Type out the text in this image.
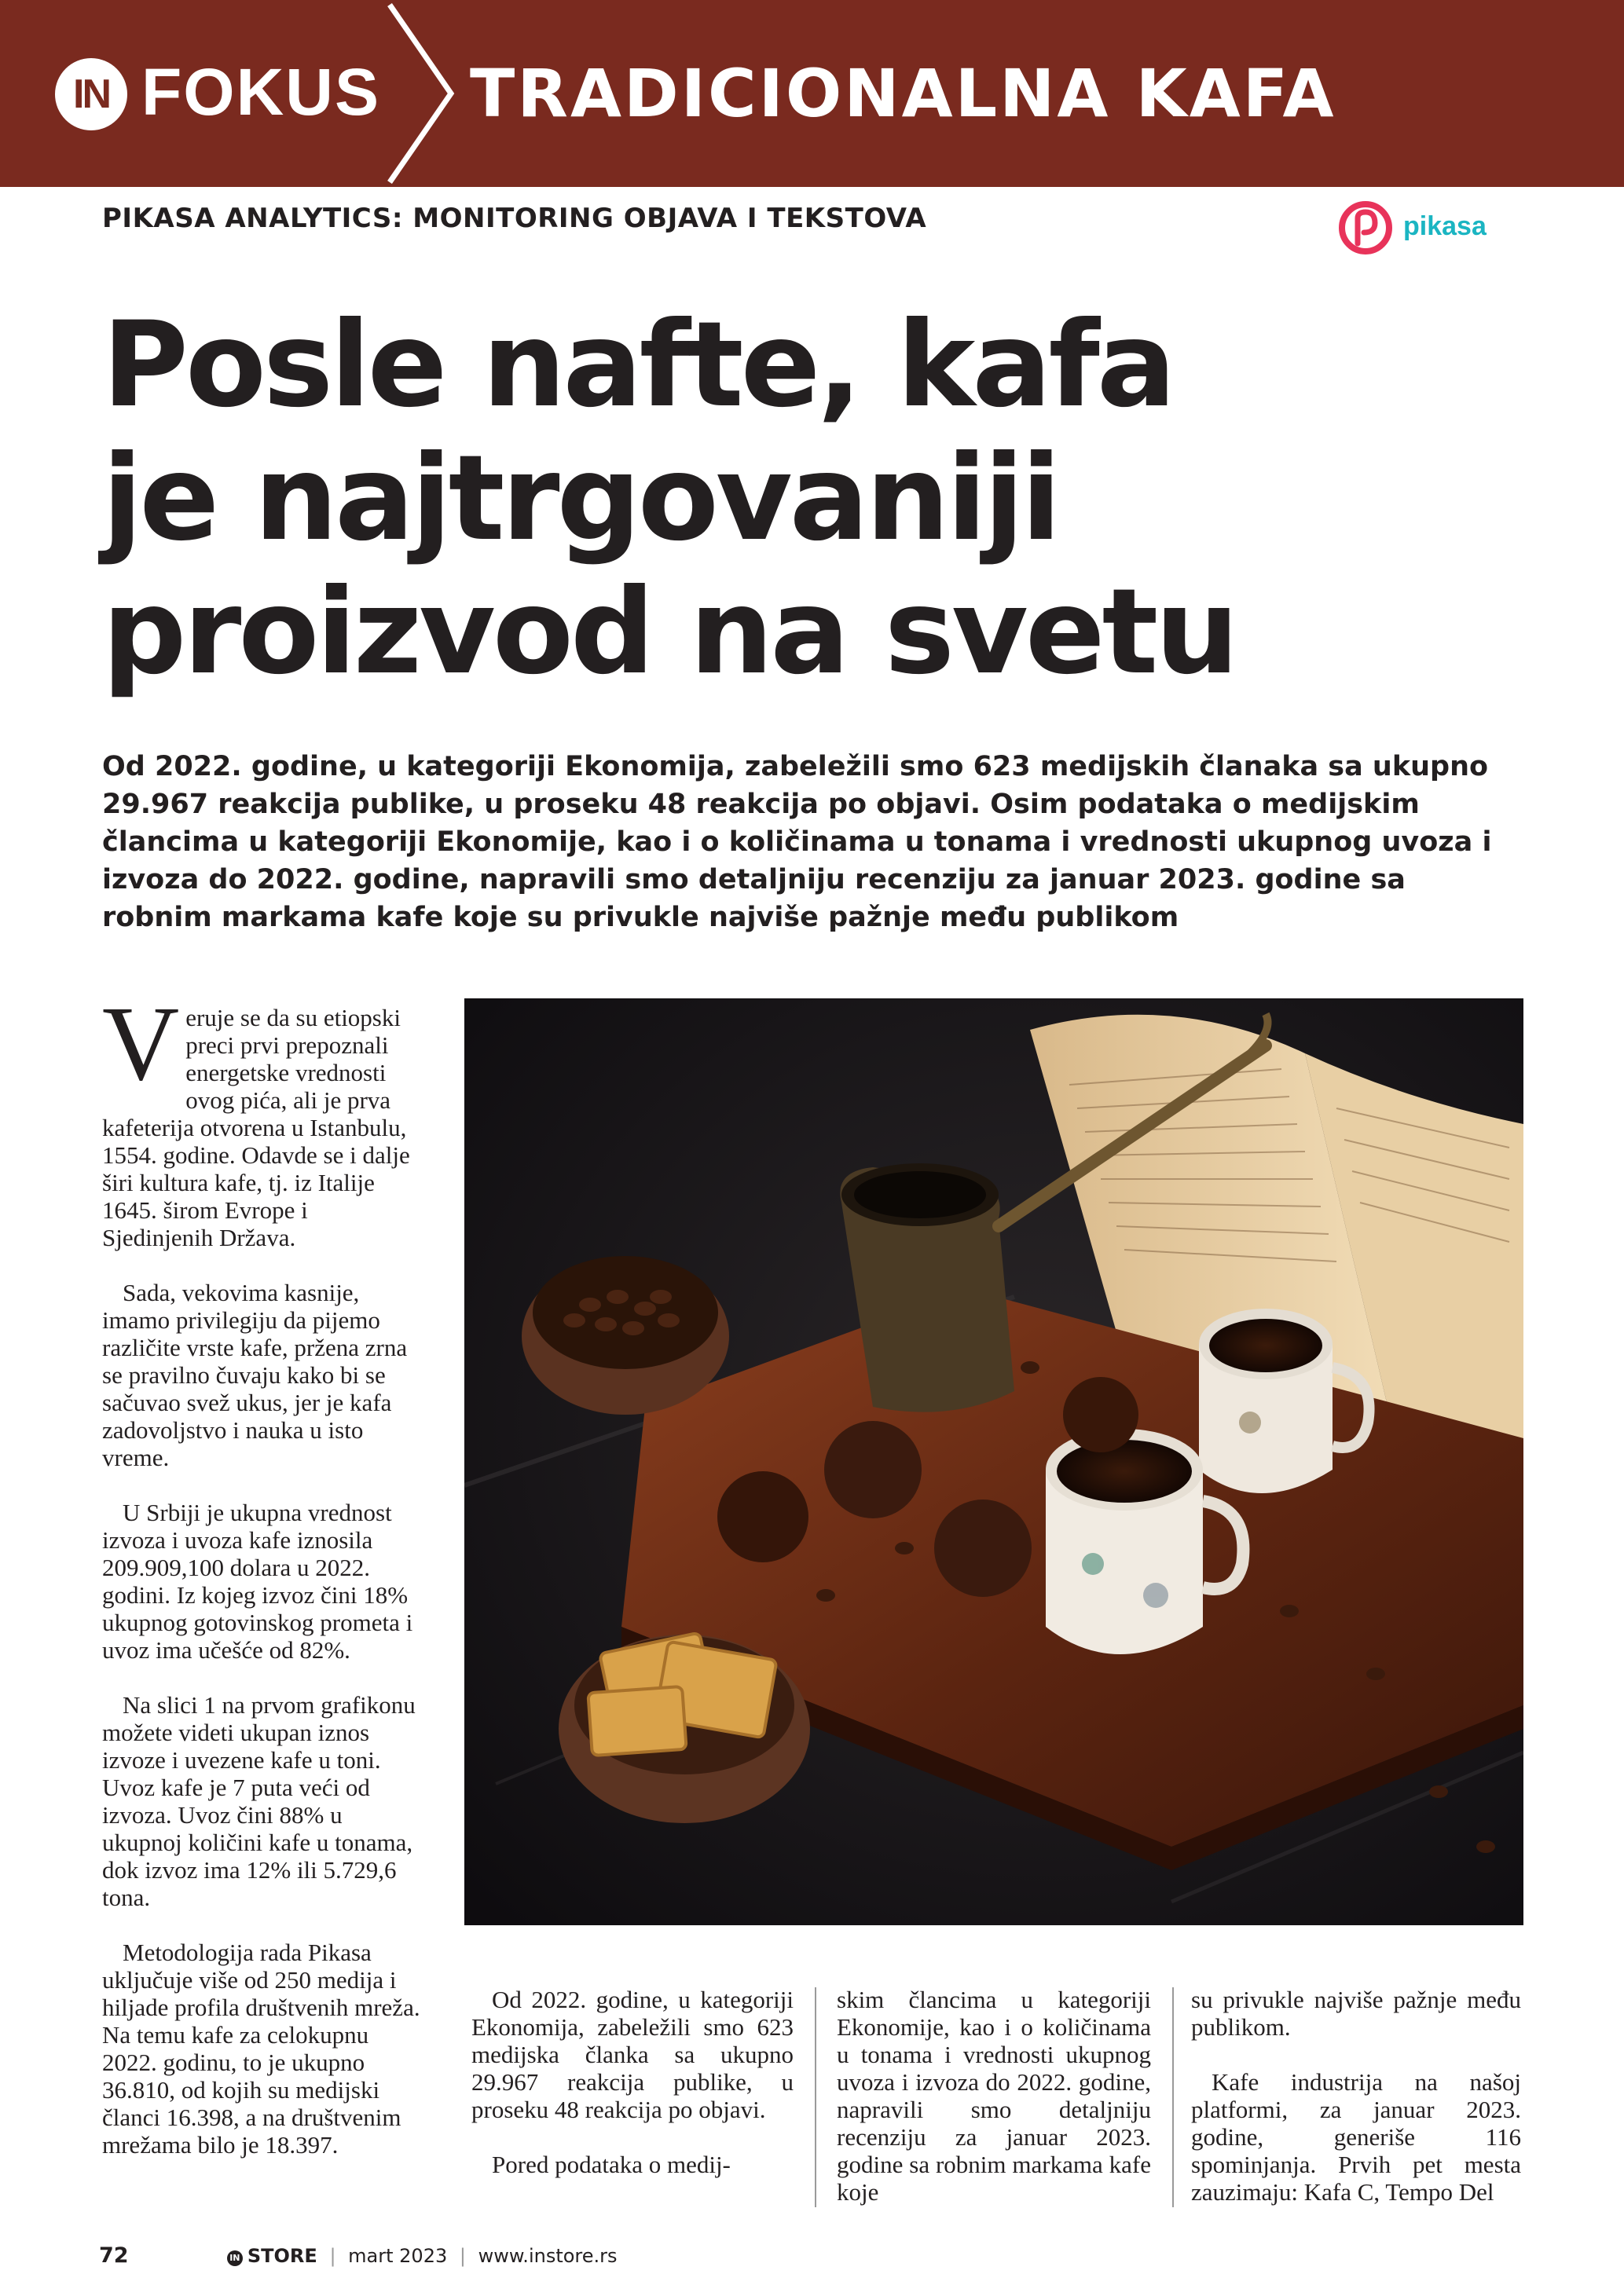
IN FOKUS TRADICIONALNA KAFA
PIKASA ANALYTICS: MONITORING OBJAVA I TEKSTOVA	pikasa
Posle nafte, kafa
je najtrgovaniji
proizvod na svetu
Od 2022. godine, u kategoriji Ekonomija, zabeležili smo 623 medijskih članaka sa ukupno 29.967 reakcija publike, u proseku 48 reakcija po objavi. Osim podataka o medijskim člancima u kategoriji Ekonomije, kao i o količinama u tonama i vrednosti ukupnog uvoza i izvoza do 2022. godine, napravili smo detaljniju recenziju za januar 2023. godine sa robnim markama kafe koje su privukle najviše pažnje među publikom

Veruje se da su etiopski preci prvi prepoznali energetske vrednosti ovog pića, ali je prva kafeterija otvorena u Istanbulu, 1554. godine. Odavde se i dalje širi kultura kafe, tj. iz Italije 1645. širom Evrope i Sjedinjenih Država.

Sada, vekovima kasnije, imamo privilegiju da pijemo različite vrste kafe, pržena zrna se pravilno čuvaju kako bi se sačuvao svež ukus, jer je kafa zadovoljstvo i nauka u isto vreme.

U Srbiji je ukupna vrednost izvoza i uvoza kafe iznosila 209.909,100 dolara u 2022. godini. Iz kojeg izvoz čini 18% ukupnog gotovinskog prometa i uvoz ima učešće od 82%.

Na slici 1 na prvom grafikonu možete videti ukupan iznos izvoze i uvezene kafe u toni. Uvoz kafe je 7 puta veći od izvoza. Uvoz čini 88% u ukupnoj količini kafe u tonama, dok izvoz ima 12% ili 5.729,6 tona.

Metodologija rada Pikasa uključuje više od 250 medija i hiljade profila društvenih mreža. Na temu kafe za celokupnu 2022. godinu, to je ukupno 36.810, od kojih su medijski članci 16.398, a na društvenim mrežama bilo je 18.397.

Od 2022. godine, u kategoriji Ekonomija, zabeležili smo 623 medijska članka sa ukupno 29.967 reakcija publike, u proseku 48 reakcija po objavi.

Pored podataka o medij-

skim člancima u kategoriji Ekonomije, kao i o količinama u tonama i vrednosti ukupnog uvoza i izvoza do 2022. godine, napravili smo detaljniju recenziju za januar 2023. godine sa robnim markama kafe koje

su privukle najviše pažnje među publikom.

Kafe industrija na našoj platformi, za januar 2023. godine, generiše 116 spominjanja. Prvih pet mesta zauzimaju: Kafa C, Tempo Del

72	IN STORE | mart 2023 | www.instore.rs
